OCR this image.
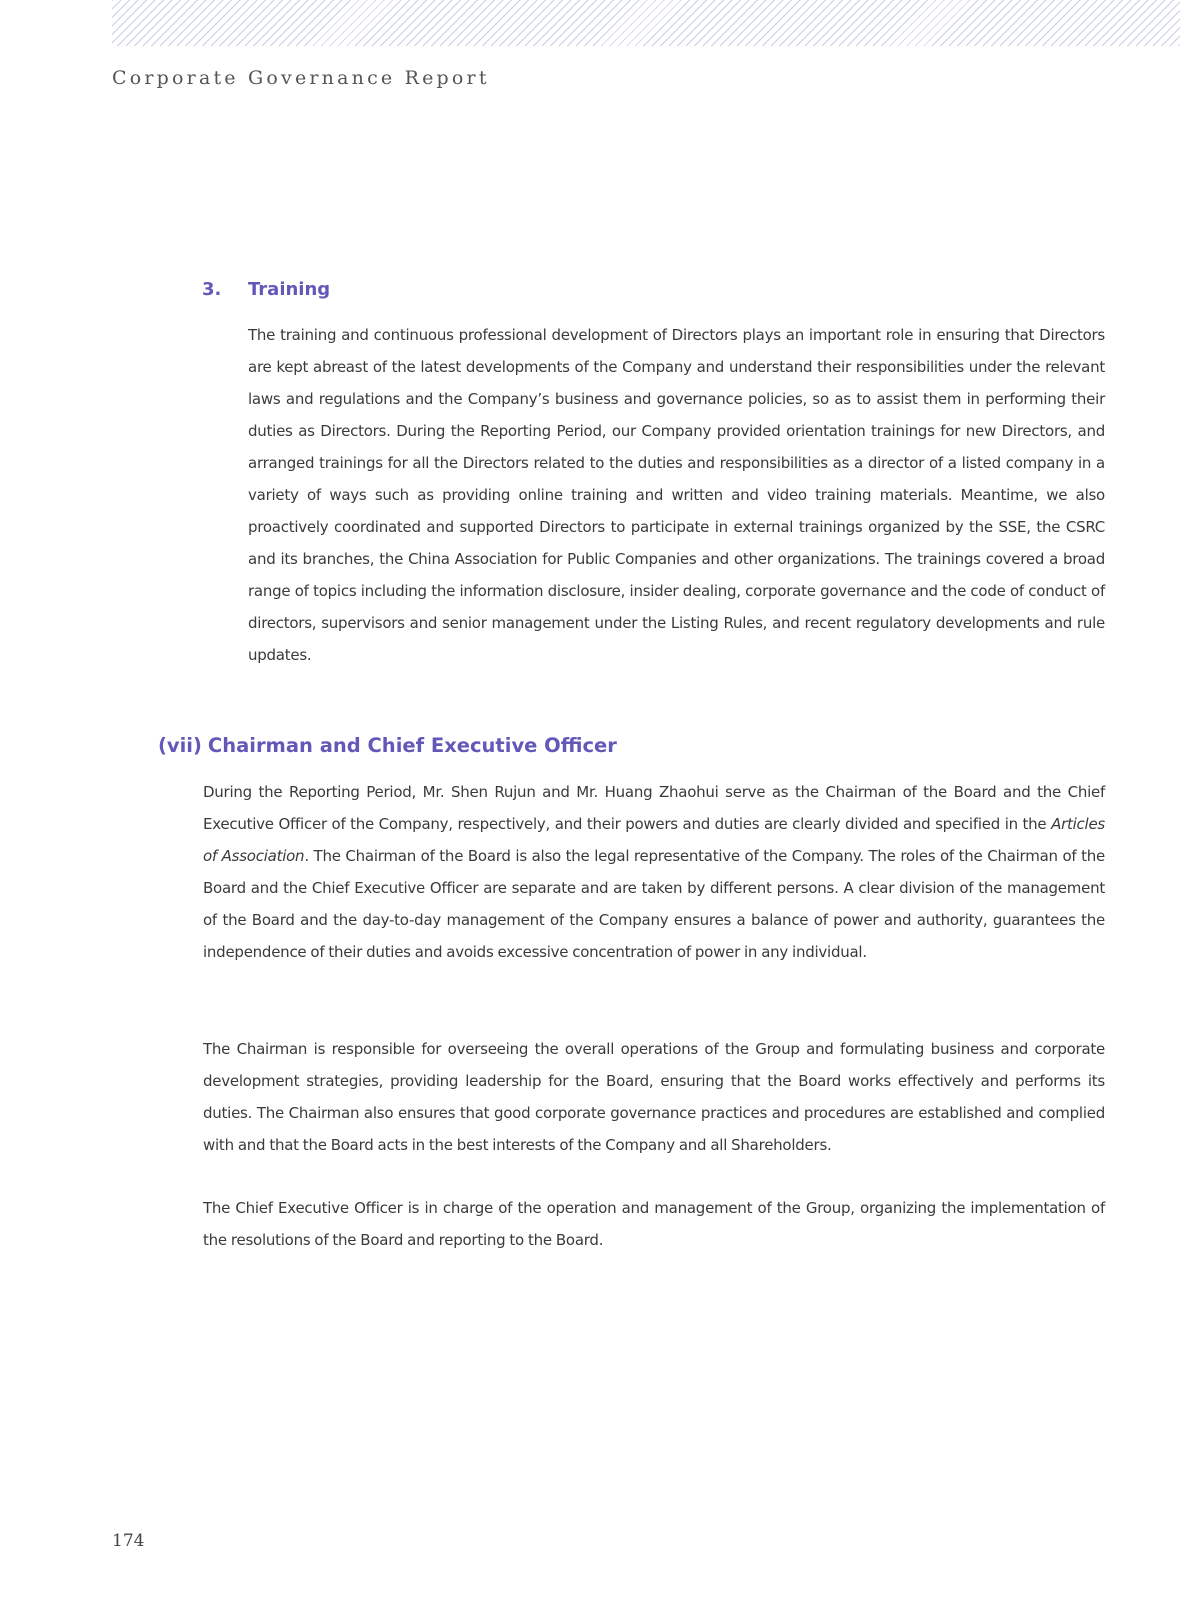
Corporate Governance Report
3. Training

The training and continuous professional development of Directors plays an important role in ensuring that Directors are kept abreast of the latest developments of the Company and understand their responsibilities under the relevant laws and regulations and the Company’s business and governance policies, so as to assist them in performing their duties as Directors. During the Reporting Period, our Company provided orientation trainings for new Directors, and arranged trainings for all the Directors related to the duties and responsibilities as a director of a listed company in a variety of ways such as providing online training and written and video training materials. Meantime, we also proactively coordinated and supported Directors to participate in external trainings organized by the SSE, the CSRC and its branches, the China Association for Public Companies and other organizations. The trainings covered a broad range of topics including the information disclosure, insider dealing, corporate governance and the code of conduct of directors, supervisors and senior management under the Listing Rules, and recent regulatory developments and rule updates.

(vii) Chairman and Chief Executive Officer

During the Reporting Period, Mr. Shen Rujun and Mr. Huang Zhaohui serve as the Chairman of the Board and the Chief Executive Officer of the Company, respectively, and their powers and duties are clearly divided and specified in the Articles of Association. The Chairman of the Board is also the legal representative of the Company. The roles of the Chairman of the Board and the Chief Executive Officer are separate and are taken by different persons. A clear division of the management of the Board and the day-to-day management of the Company ensures a balance of power and authority, guarantees the independence of their duties and avoids excessive concentration of power in any individual.

The Chairman is responsible for overseeing the overall operations of the Group and formulating business and corporate development strategies, providing leadership for the Board, ensuring that the Board works effectively and performs its duties. The Chairman also ensures that good corporate governance practices and procedures are established and complied with and that the Board acts in the best interests of the Company and all Shareholders.

The Chief Executive Officer is in charge of the operation and management of the Group, organizing the implementation of the resolutions of the Board and reporting to the Board.

174
